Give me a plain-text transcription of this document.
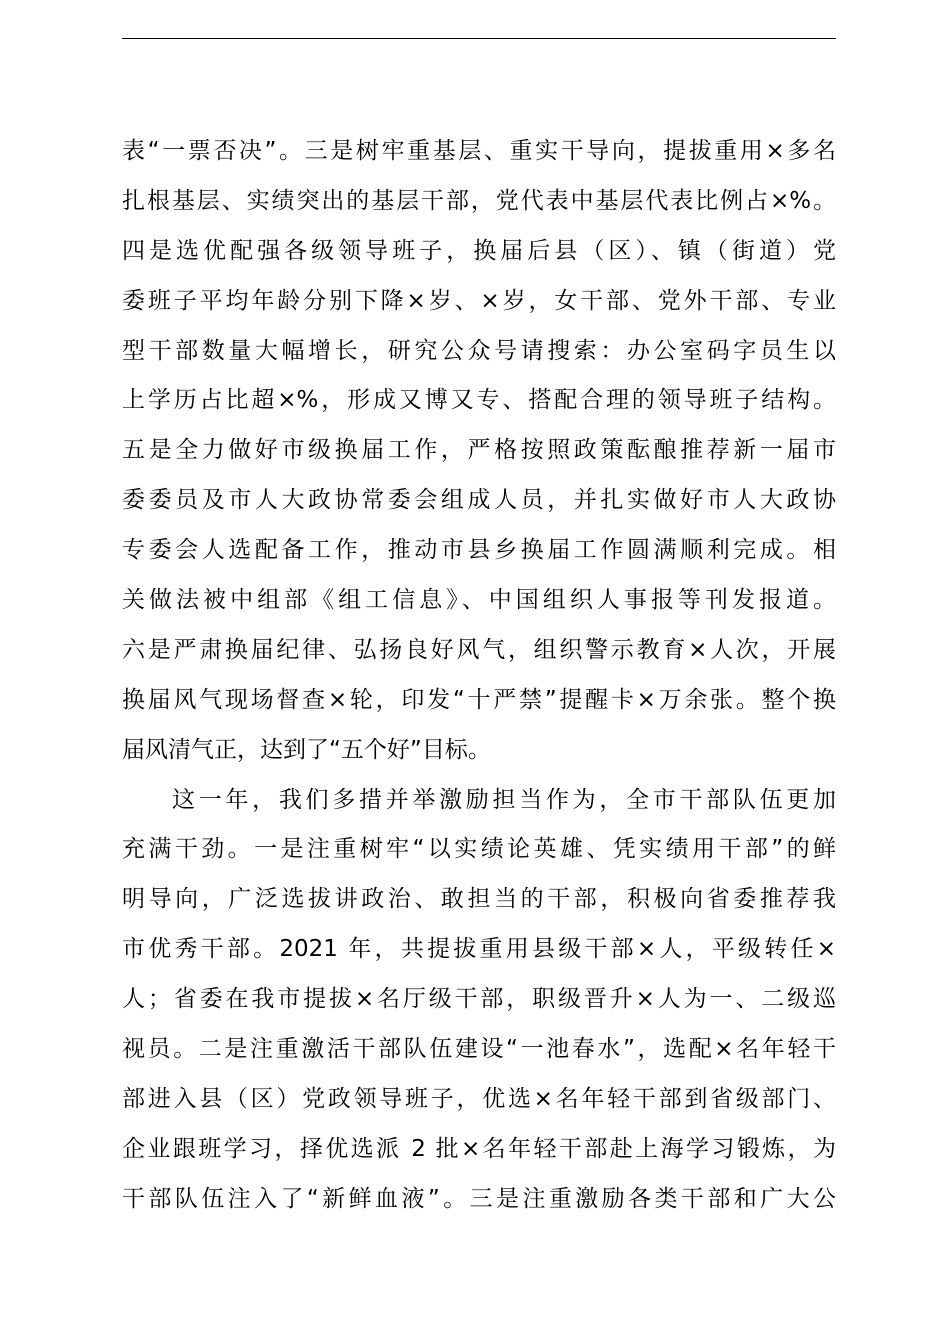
表“一票否决”。三是树牢重基层、重实干导向，提拔重用×多名
扎根基层、实绩突出的基层干部，党代表中基层代表比例占×%。
四是选优配强各级领导班子，换届后县（区）、镇（街道）党
委班子平均年龄分别下降×岁、×岁，女干部、党外干部、专业
型干部数量大幅增长，研究公众号请搜索：办公室码字员生以
上学历占比超×%，形成又博又专、搭配合理的领导班子结构。
五是全力做好市级换届工作，严格按照政策酝酿推荐新一届市
委委员及市人大政协常委会组成人员，并扎实做好市人大政协
专委会人选配备工作，推动市县乡换届工作圆满顺利完成。相
关做法被中组部《组工信息》、中国组织人事报等刊发报道。
六是严肃换届纪律、弘扬良好风气，组织警示教育×人次，开展
换届风气现场督查×轮，印发“十严禁”提醒卡×万余张。整个换
届风清气正，达到了“五个好”目标。
这一年，我们多措并举激励担当作为，全市干部队伍更加
充满干劲。一是注重树牢“以实绩论英雄、凭实绩用干部”的鲜
明导向，广泛选拔讲政治、敢担当的干部，积极向省委推荐我
市优秀干部。2021 年，共提拔重用县级干部×人，平级转任×
人；省委在我市提拔×名厅级干部，职级晋升×人为一、二级巡
视员。二是注重激活干部队伍建设“一池春水”，选配×名年轻干
部进入县（区）党政领导班子，优选×名年轻干部到省级部门、
企业跟班学习，择优选派 2 批×名年轻干部赴上海学习锻炼，为
干部队伍注入了“新鲜血液”。三是注重激励各类干部和广大公
